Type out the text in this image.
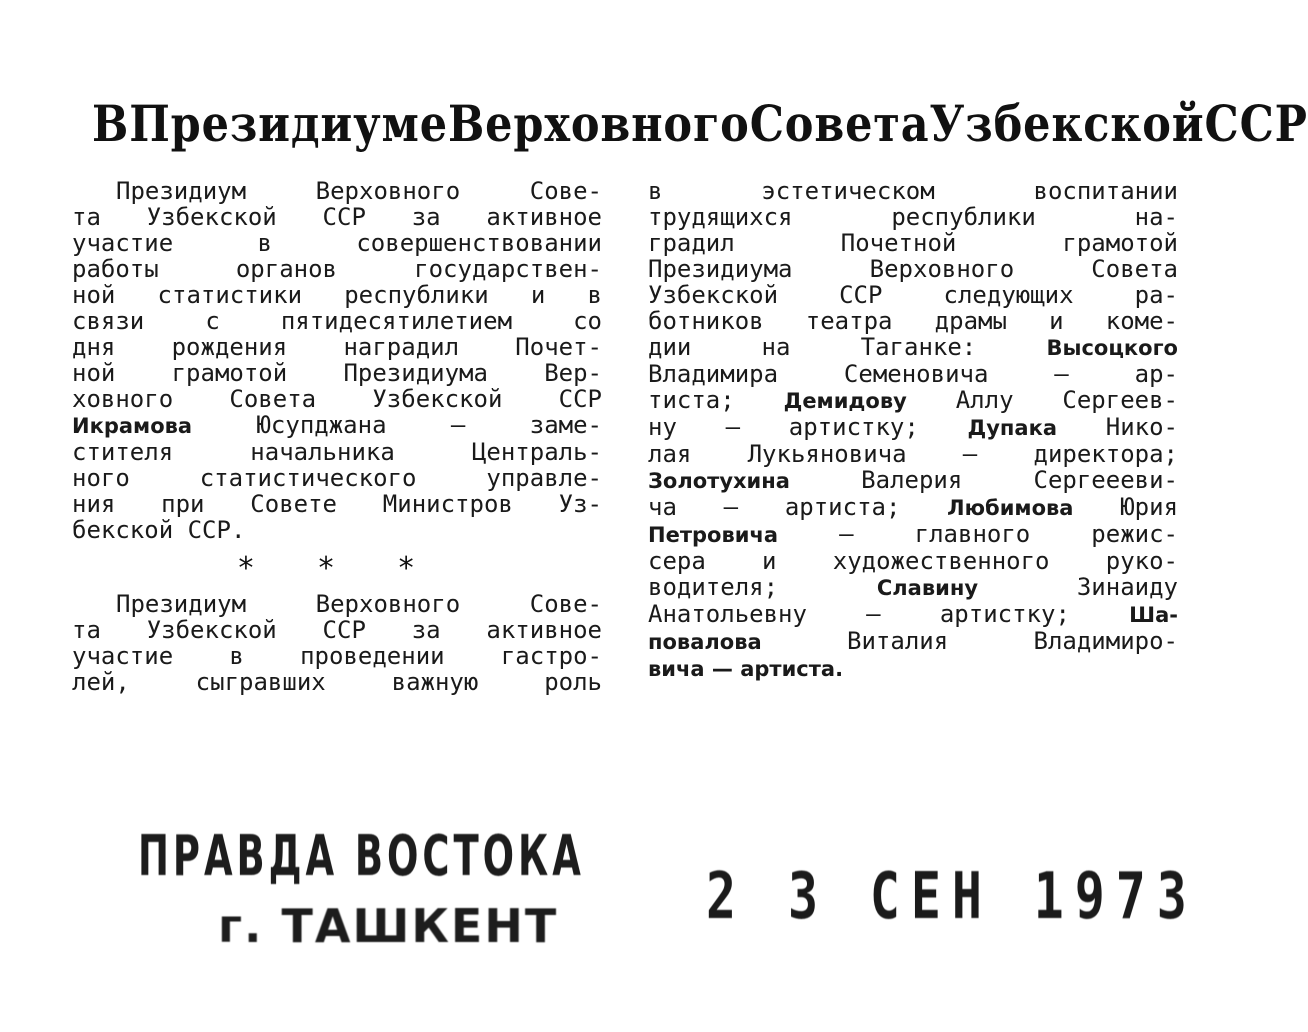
В Президиуме Верховного Совета Узбекской ССР

Президиум Верховного Сове-
та Узбекской ССР за активное
участие в совершенствовании
работы органов государствен-
ной статистики республики и в
связи с пятидесятилетием со
дня рождения наградил Почет-
ной грамотой Президиума Вер-
ховного Совета Узбекской ССР
Икрамова	Юсупджана — заме-
стителя начальника Централь-
ного статистического управле-
ния при Совете Министров Уз-
бекской ССР.

* * *

Президиум Верховного Сове-
та Узбекской ССР за активное
участие в проведении гастро-
лей, сыгравших важную роль

в эстетическом воспитании
трудящихся республики на-
градил Почетной грамотой
Президиума Верховного Совета
Узбекской ССР следующих ра-
ботников театра драмы и коме-
дии на Таганке:	Высоцкого
Владимира Семеновича — ар-
тиста; Демидову Аллу Сергеев-
ну — артистку; Дупака Нико-
лая Лукьяновича — директора;
Золотухина	Валерия Сергеееви-
ча — артиста; Любимова Юрия
Петровича	— главного режис-
сера и художественного руко-
водителя;	Славину	Зинаиду
Анатольевну — артистку;	Ша-
повалова	Виталия Владимиро-
вича — артиста.

ПРАВДА ВОСТОКА
г. ТАШКЕНТ 2 3 СЕН 1973
